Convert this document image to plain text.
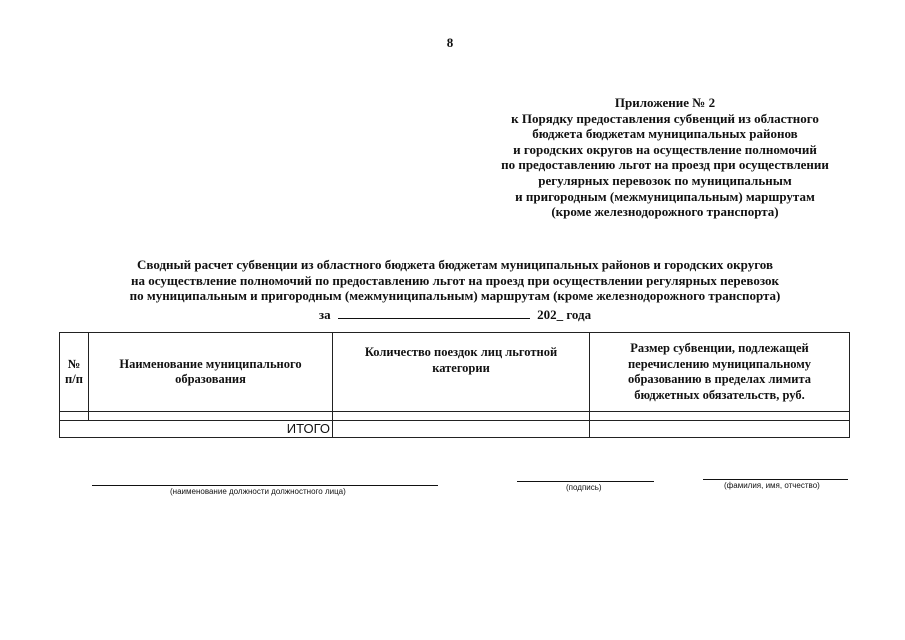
8
Приложение № 2
к Порядку предоставления субвенций из областного
бюджета бюджетам муниципальных районов
и городских округов на осуществление полномочий
по предоставлению льгот на проезд при осуществлении
регулярных перевозок по муниципальным
и пригородным (межмуниципальным) маршрутам
(кроме железнодорожного транспорта)
Сводный расчет субвенции из областного бюджета бюджетам муниципальных районов и городских округов
на осуществление полномочий по предоставлению льгот на проезд при осуществлении регулярных перевозок
по муниципальным и пригородным (межмуниципальным) маршрутам (кроме железнодорожного транспорта)
за	202_ года
№ п/п	Наименование муниципального образования	Количество поездок лиц льготной категории	Размер субвенции, подлежащей перечислению муниципальному образованию в пределах лимита бюджетных обязательств, руб.

ИТОГО			
(наименование должности должностного лица)	(подпись)	(фамилия, имя, отчество)
